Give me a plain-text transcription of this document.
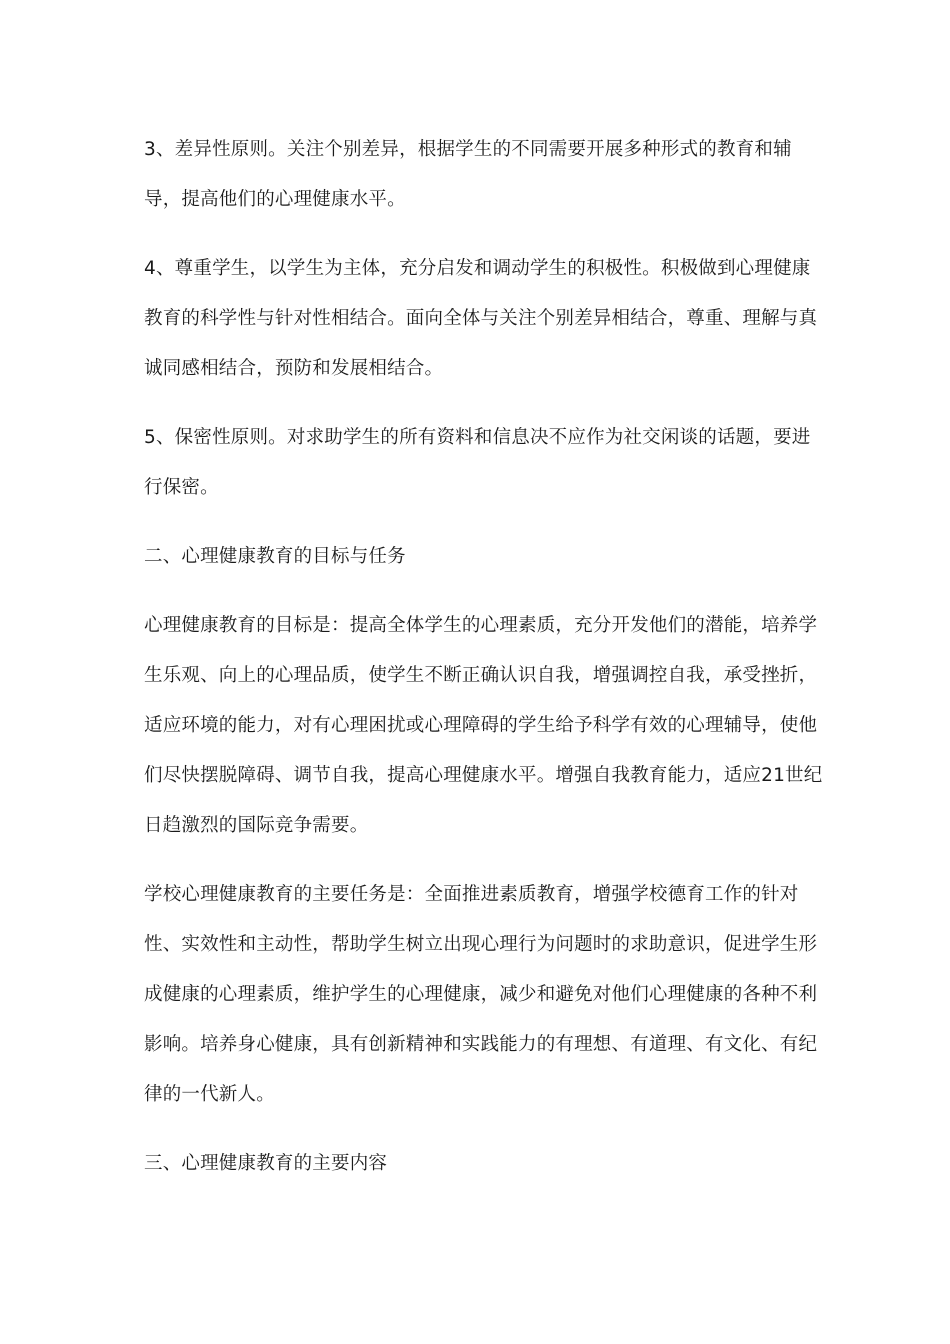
3、差异性原则。关注个别差异，根据学生的不同需要开展多种形式的教育和辅导，提高他们的心理健康水平。

4、尊重学生，以学生为主体，充分启发和调动学生的积极性。积极做到心理健康教育的科学性与针对性相结合。面向全体与关注个别差异相结合，尊重、理解与真诚同感相结合，预防和发展相结合。

5、保密性原则。对求助学生的所有资料和信息决不应作为社交闲谈的话题，要进行保密。

二、心理健康教育的目标与任务

心理健康教育的目标是：提高全体学生的心理素质，充分开发他们的潜能，培养学生乐观、向上的心理品质，使学生不断正确认识自我，增强调控自我，承受挫折，适应环境的能力，对有心理困扰或心理障碍的学生给予科学有效的心理辅导，使他们尽快摆脱障碍、调节自我，提高心理健康水平。增强自我教育能力，适应21世纪日趋激烈的国际竞争需要。

学校心理健康教育的主要任务是：全面推进素质教育，增强学校德育工作的针对性、实效性和主动性，帮助学生树立出现心理行为问题时的求助意识，促进学生形成健康的心理素质，维护学生的心理健康，减少和避免对他们心理健康的各种不利影响。培养身心健康，具有创新精神和实践能力的有理想、有道理、有文化、有纪律的一代新人。

三、心理健康教育的主要内容
